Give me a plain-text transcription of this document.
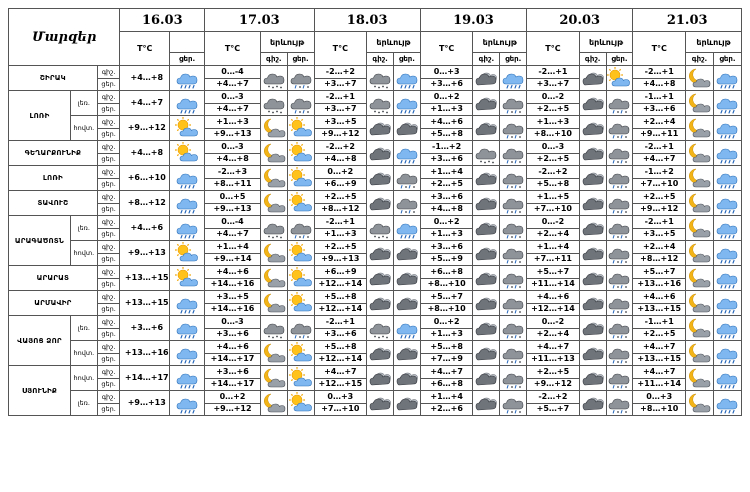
Մարզեր			16.03		17.03			18.03			19.03			20.03			21.03		
			T°C		T°C	երևույթ		T°C	երևույթ		T°C	երևույթ		T°C	երևույթ		T°C	երևույթ	
				ցեր.		գիշ.	ցեր.		գիշ.	ցեր.		գիշ.	ցեր.		գիշ.	ցեր.		գիշ.	ցեր.
ՇԻՐԱԿ		գիշ.	+4…+8		0…-4			-2…+2			0…+3			-2…+1			-2…+1	

		ցեր.			+4…+7			+3…+7			+3…+6			+3…+7			+4…+8		
ԼՈՌԻ	լեռ.	գիշ.	+4…+7		0…-3			-2…+1			0…+2			0…-2			-1…+1	

		ցեր.			+4…+7			+3…+7			+1…+3			+2…+5			+3…+6		
	հովտ.	գիշ.	+9…+12		+1…+3			+3…+5			+4…+6			+1…+3			+2…+4	

		ցեր.			+9…+13			+9…+12			+5…+8			+8…+10			+9…+11		
ԳԵՂԱՐՔՈՒՆԻՔ		գիշ.	+4…+8		0…-3			-2…+2			-1…+2			0…-3			-2…+1	

		ցեր.			+4…+8			+4…+8			+3…+6			+2…+5			+4…+7		
ԼՈՌԻ		գիշ.	+6…+10		-2…+3			0…+2			+1…+4			-2…+2			-1…+2	

		ցեր.			+8…+11			+6…+9			+2…+5			+5…+8			+7…+10		
ՏԱՎՈՒՇ		գիշ.	+8…+12		0…+5			+2…+5			+3…+6			+1…+5			+2…+5	

		ցեր.			+9…+13			+8…+12			+4…+8			+7…+10			+9…+12		
ԱՐԱԳԱԾՈՏՆ	լեռ.	գիշ.	+4…+6		0…-4			-2…+1			0…+2			0…-2			-2…+1	

		ցեր.			+4…+7			+1…+3			+1…+3			+2…+4			+3…+5		
	հովտ.	գիշ.	+9…+13		+1…+4			+2…+5			+3…+6			+1…+4			+2…+4	

		ցեր.			+9…+14			+9…+13			+5…+9			+7…+11			+8…+12		
ԱՐԱՐԱՏ		գիշ.	+13…+15		+4…+6			+6…+9			+6…+8			+5…+7			+5…+7	

		ցեր.			+14…+16			+12…+14			+8…+10			+11…+14			+13…+16		
ԱՐՄԱՎԻՐ		գիշ.	+13…+15		+3…+5			+5…+8			+5…+7			+4…+6			+4…+6	

		ցեր.			+14…+16			+12…+14			+8…+10			+12…+14			+13…+15		
ՎԱՅՈՑ ՁՈՐ	լեռ.	գիշ.	+3…+6		0…-3			-2…+1			0…+2			0…-2			-1…+1	

		ցեր.			+3…+6			+3…+6			+1…+3			+2…+4			+2…+5		
	հովտ.	գիշ.	+13…+16		+4…+6			+5…+8			+5…+8			+4…+7			+4…+7	

		ցեր.			+14…+17			+12…+14			+7…+9			+11…+13			+13…+15		
ՍՅՈՒՆԻՔ	հովտ.	գիշ.	+14…+17		+3…+6			+4…+7			+4…+7			+2…+5			+4…+7	

		ցեր.			+14…+17			+12…+15			+6…+8			+9…+12			+11…+14		
	լեռ.	գիշ.	+9…+13		0…+2			0…+3			+1…+4			-2…+2			0…+3	

		ցեր.			+9…+12			+7…+10			+2…+6			+5…+7			+8…+10		
